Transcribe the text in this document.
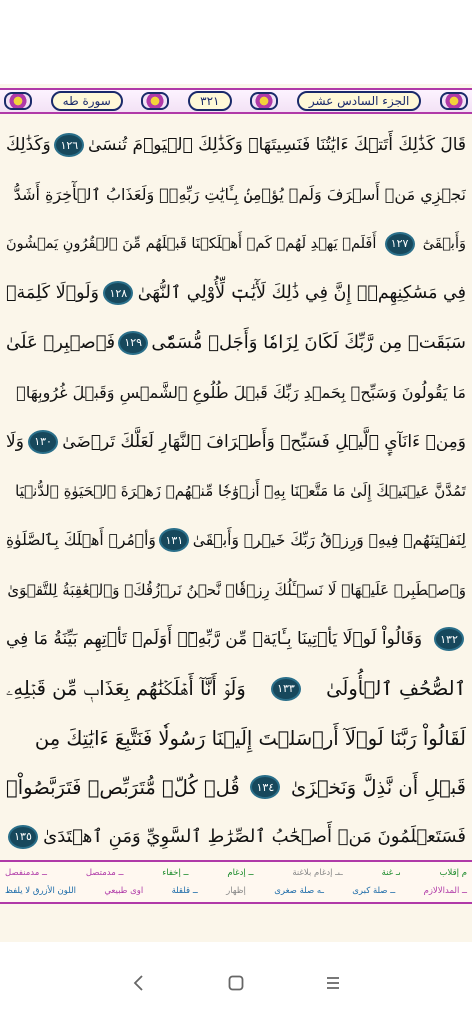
الجزء السادس عشر
٣٢١
سورة طه
قَالَ كَذَٰلِكَ أَتَتۡكَ ءَايَٰتُنَا فَنَسِيتَهَاۖ وَكَذَٰلِكَ ٱلۡيَوۡمَ تُنسَىٰ
١٢٦
وَكَذَٰلِكَ
نَجۡزِي مَنۡ أَسۡرَفَ وَلَمۡ يُؤۡمِنۢ بِـَٔايَٰتِ رَبِّهِۦۚ وَلَعَذَابُ ٱلۡأٓخِرَةِ أَشَدُّ
وَأَبۡقَىٰٓ
١٢٧
أَفَلَمۡ يَهۡدِ لَهُمۡ كَمۡ أَهۡلَكۡنَا قَبۡلَهُم مِّنَ ٱلۡقُرُونِ يَمۡشُونَ
فِي مَسَٰكِنِهِمۡۚ إِنَّ فِي ذَٰلِكَ لَأٓيَٰتٖ لِّأُوْلِي ٱلنُّهَىٰ
١٢٨
وَلَوۡلَا كَلِمَةٞ
سَبَقَتۡ مِن رَّبِّكَ لَكَانَ لِزَامٗا وَأَجَلٞ مُّسَمّٗى
١٢٩
فَٱصۡبِرۡ عَلَىٰ
مَا يَقُولُونَ وَسَبِّحۡ بِحَمۡدِ رَبِّكَ قَبۡلَ طُلُوعِ ٱلشَّمۡسِ وَقَبۡلَ غُرُوبِهَاۖ
وَمِنۡ ءَانَآيِٕ ٱلَّيۡلِ فَسَبِّحۡ وَأَطۡرَافَ ٱلنَّهَارِ لَعَلَّكَ تَرۡضَىٰ
١٣٠
وَلَا
تَمُدَّنَّ عَيۡنَيۡكَ إِلَىٰ مَا مَتَّعۡنَا بِهِۦٓ أَزۡوَٰجٗا مِّنۡهُمۡ زَهۡرَةَ ٱلۡحَيَوٰةِ ٱلدُّنۡيَا
لِنَفۡتِنَهُمۡ فِيهِۚ وَرِزۡقُ رَبِّكَ خَيۡرٞ وَأَبۡقَىٰ
١٣١
وَأۡمُرۡ أَهۡلَكَ بِٱلصَّلَوٰةِ
وَٱصۡطَبِرۡ عَلَيۡهَاۖ لَا نَسۡـَٔلُكَ رِزۡقٗاۖ نَّحۡنُ نَرۡزُقُكَۗ وَٱلۡعَٰقِبَةُ لِلتَّقۡوَىٰ
١٣٢
وَقَالُواْ لَوۡلَا يَأۡتِينَا بِـَٔايَةٖ مِّن رَّبِّهِۦٓۚ أَوَلَمۡ تَأۡتِهِم بَيِّنَةُ مَا فِي
ٱلصُّحُفِ ٱلۡأُولَىٰ
١٣٣
وَلَوۡ أَنَّآ أَهۡلَكۡنَٰهُم بِعَذَابٖ مِّن قَبۡلِهِۦ
لَقَالُواْ رَبَّنَا لَوۡلَآ أَرۡسَلۡتَ إِلَيۡنَا رَسُولٗا فَنَتَّبِعَ ءَايَٰتِكَ مِن
قَبۡلِ أَن نَّذِلَّ وَنَخۡزَىٰ
١٣٤
قُلۡ كُلّٞ مُّتَرَبِّصٞ فَتَرَبَّصُواْۖ
فَسَتَعۡلَمُونَ مَنۡ أَصۡحَٰبُ ٱلصِّرَٰطِ ٱلسَّوِيِّ وَمَنِ ٱهۡتَدَىٰ
١٣٥
م إقلاب
ںـ غنة
ـىـ إدغام بلاغنة
ــ إدغام
ــ إخفاء
ــ مدمتصل
ــ مدمنفصل
ــ المدالالازم
ــ صلة كبرى
ـه صلة صغرى
إظهار
ــ قلقلة
اوى طبيعي
اللون الأزرق لا يلفظ
